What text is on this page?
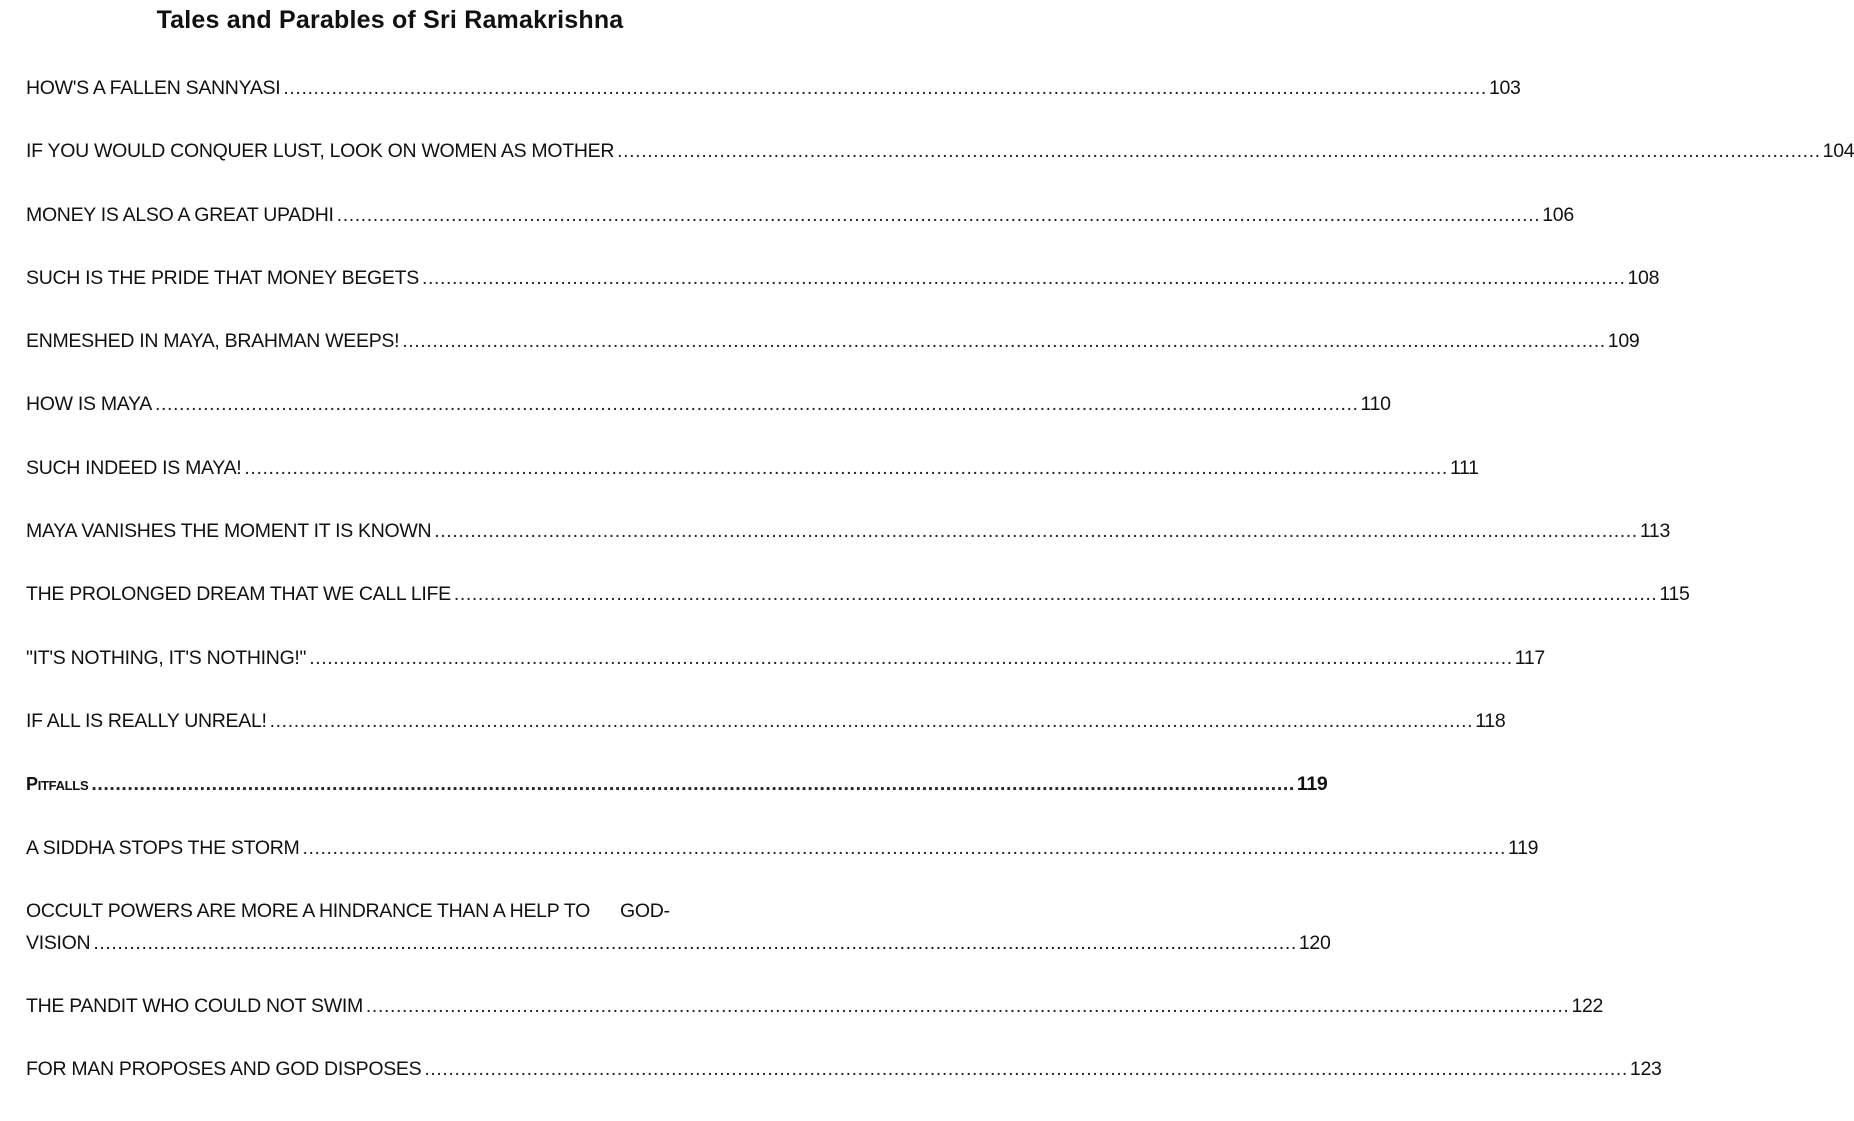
Tales and Parables of Sri Ramakrishna
HOW'S A FALLEN SANNYASI ........................................................................................................................................................................................................ 103
IF YOU WOULD CONQUER LUST, LOOK ON WOMEN AS MOTHER ........................................................................................................................................................................................................ 104
MONEY IS ALSO A GREAT UPADHI ........................................................................................................................................................................................................ 106
SUCH IS THE PRIDE THAT MONEY BEGETS ........................................................................................................................................................................................................ 108
ENMESHED IN MAYA, BRAHMAN WEEPS! ........................................................................................................................................................................................................ 109
HOW IS MAYA ........................................................................................................................................................................................................ 110
SUCH INDEED IS MAYA! ........................................................................................................................................................................................................ 111
MAYA VANISHES THE MOMENT IT IS KNOWN ........................................................................................................................................................................................................ 113
THE PROLONGED DREAM THAT WE CALL LIFE ........................................................................................................................................................................................................ 115
"IT'S NOTHING, IT'S NOTHING!" ........................................................................................................................................................................................................ 117
IF ALL IS REALLY UNREAL! ........................................................................................................................................................................................................ 118
Pitfalls ........................................................................................................................................................................................................ 119
A SIDDHA STOPS THE STORM ........................................................................................................................................................................................................ 119
OCCULT POWERS ARE MORE A HINDRANCE THAN A HELP TO GOD-
VISION ........................................................................................................................................................................................................ 120
THE PANDIT WHO COULD NOT SWIM ........................................................................................................................................................................................................ 122
FOR MAN PROPOSES AND GOD DISPOSES ........................................................................................................................................................................................................ 123
